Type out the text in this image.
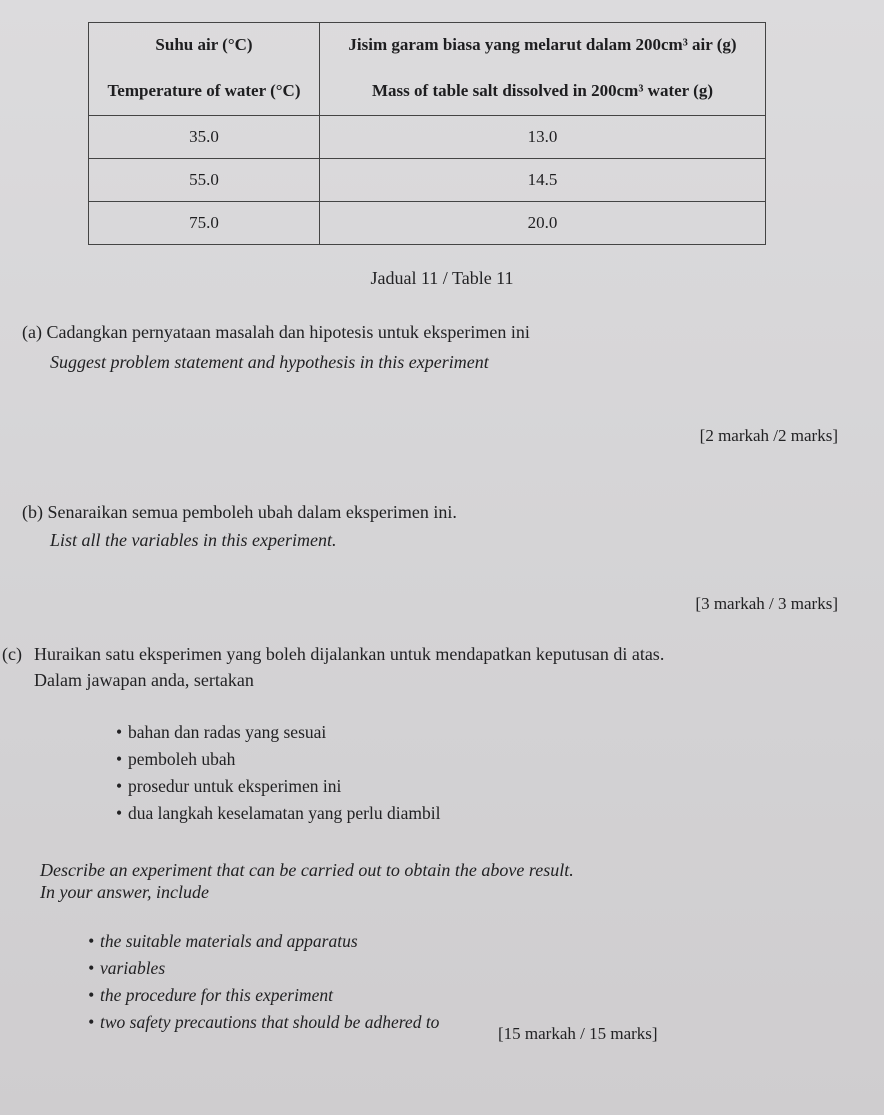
Suhu air (°C)	Jisim garam biasa yang melarut dalam 200cm³ air (g)
Temperature of water (°C)	Mass of table salt dissolved in 200cm³ water (g)
35.0	13.0
55.0	14.5
75.0	20.0
Jadual 11 / Table 11
(a) Cadangkan pernyataan masalah dan hipotesis untuk eksperimen ini
Suggest problem statement and hypothesis in this experiment
[2 markah /2 marks]
(b) Senaraikan semua pemboleh ubah dalam eksperimen ini.
List all the variables in this experiment.
[3 markah / 3 marks]
(c) Huraikan satu eksperimen yang boleh dijalankan untuk mendapatkan keputusan di atas.
Dalam jawapan anda, sertakan
• bahan dan radas yang sesuai
• pemboleh ubah
• prosedur untuk eksperimen ini
• dua langkah keselamatan yang perlu diambil
Describe an experiment that can be carried out to obtain the above result.
In your answer, include
• the suitable materials and apparatus
• variables
• the procedure for this experiment
• two safety precautions that should be adhered to
[15 markah / 15 marks]
